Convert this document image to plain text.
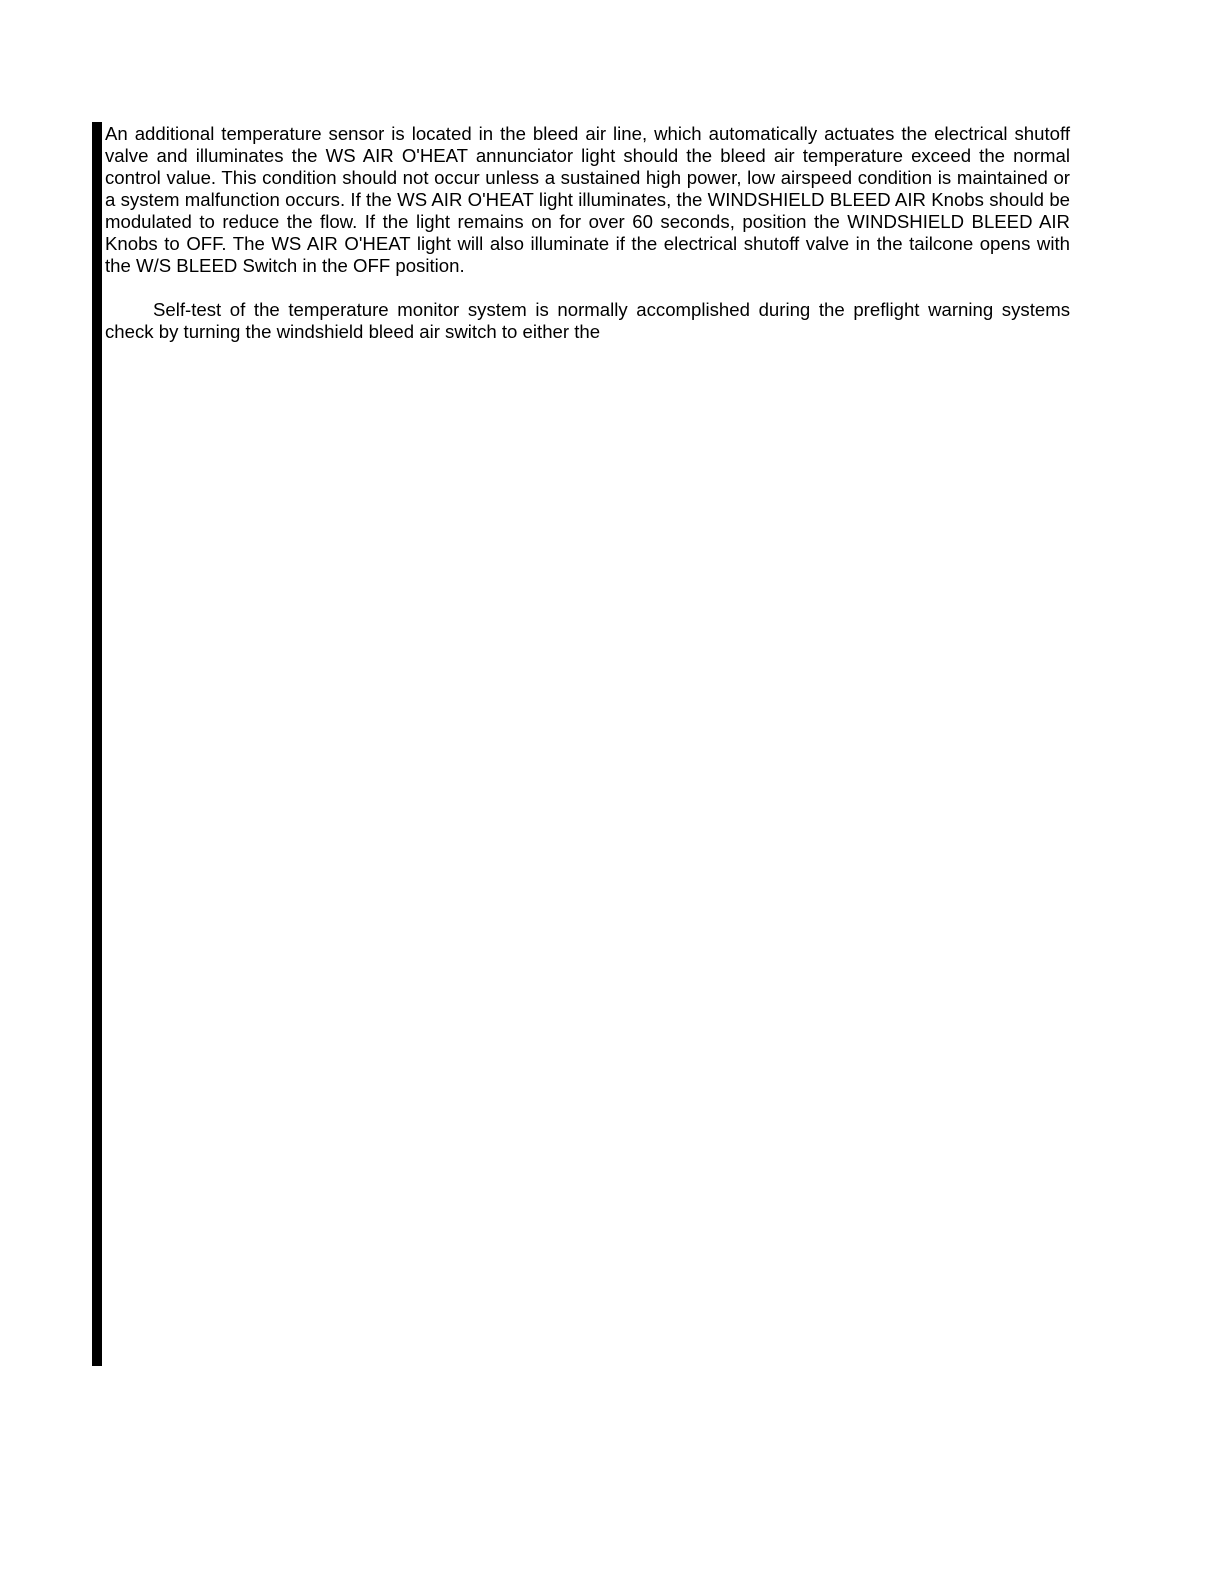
An additional temperature sensor is located in the bleed air line, which automatically actuates the electrical shutoff valve and illuminates the WS AIR O'HEAT annunciator light should the bleed air temperature exceed the normal control value. This condition should not occur unless a sustained high power, low airspeed condition is maintained or a system malfunction occurs. If the WS AIR O'HEAT light illuminates, the WINDSHIELD BLEED AIR Knobs should be modulated to reduce the flow. If the light remains on for over 60 seconds, position the WINDSHIELD BLEED AIR Knobs to OFF. The WS AIR O'HEAT light will also illuminate if the electrical shutoff valve in the tailcone opens with the W/S BLEED Switch in the OFF position.

Self-test of the temperature monitor system is normally accomplished during the preflight warning systems check by turning the windshield bleed air switch to either the
